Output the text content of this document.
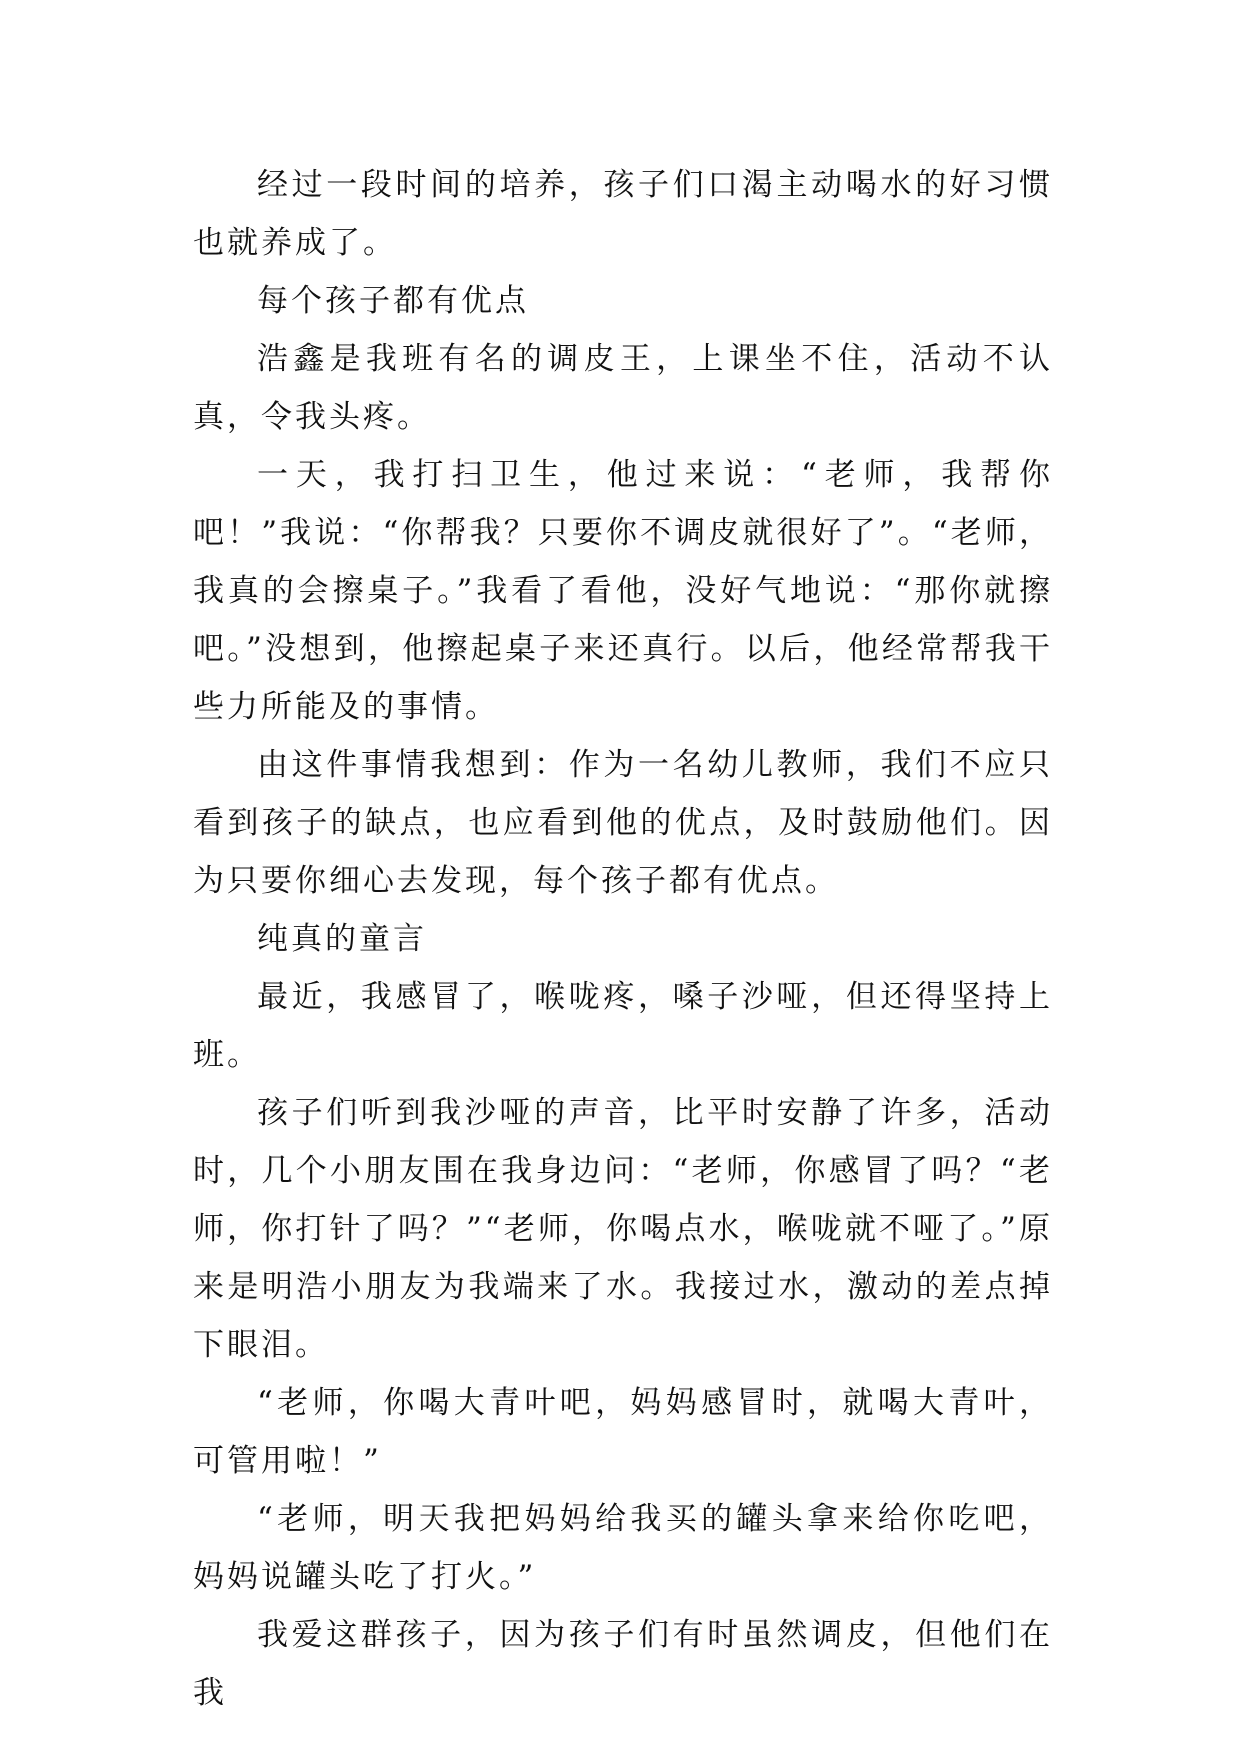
经过一段时间的培养，孩子们口渴主动喝水的好习惯也就养成了。

每个孩子都有优点

浩鑫是我班有名的调皮王，上课坐不住，活动不认真，令我头疼。

一天，我打扫卫生，他过来说：“老师，我帮你吧！”我说：“你帮我？只要你不调皮就很好了”。“老师，我真的会擦桌子。”我看了看他，没好气地说：“那你就擦吧。”没想到，他擦起桌子来还真行。以后，他经常帮我干些力所能及的事情。

由这件事情我想到：作为一名幼儿教师，我们不应只看到孩子的缺点，也应看到他的优点，及时鼓励他们。因为只要你细心去发现，每个孩子都有优点。

纯真的童言

最近，我感冒了，喉咙疼，嗓子沙哑，但还得坚持上班。

孩子们听到我沙哑的声音，比平时安静了许多，活动时，几个小朋友围在我身边问：“老师，你感冒了吗？“老师，你打针了吗？”“老师，你喝点水，喉咙就不哑了。”原来是明浩小朋友为我端来了水。我接过水，激动的差点掉下眼泪。

“老师，你喝大青叶吧，妈妈感冒时，就喝大青叶，可管用啦！”

“老师，明天我把妈妈给我买的罐头拿来给你吃吧，妈妈说罐头吃了打火。”

我爱这群孩子，因为孩子们有时虽然调皮，但他们在我
